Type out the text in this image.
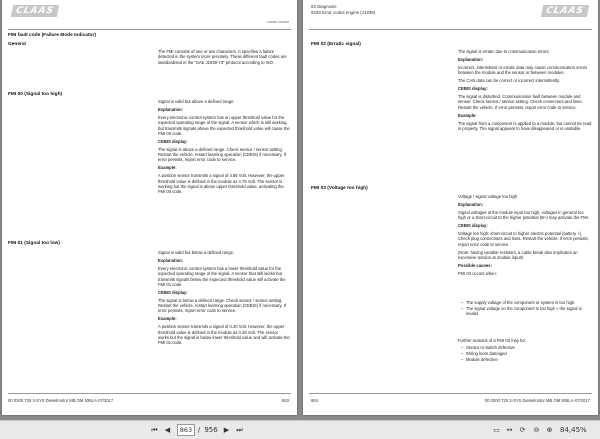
CLAAS
120049 V4/4466
FMI fault code (Failure Mode Indicator)
General

The FMI consists of one or two characters. It specifies a failure detected in the system more precisely. These different fault codes are standardised in the "SAE J1939-73" protocol according to ISO.

FMI 00 (Signal too high)

Signal is valid but above a defined range.

Explanation:

Every electronic control system has an upper threshold value for the expected operating range of the signal. A sensor which is still working, but transmits signals above the expected threshold value will cause the FMI 00 code.

CEBIS display:

The signal is above a defined range. Check sensor / sensor setting. Restart the vehicle, restart learning operation (CEBIS) if necessary. If error persists, report error code to service.

Example:

A position sensor transmits a signal of 4.85 Volt. However, the upper threshold value is defined in the module as 4.75 Volt. The sensor is working but the signal is above upper threshold value, activating the FMI 00 code.

FMI 01 (Signal too low)

Signal is valid but below a defined range.

Explanation:

Every electronic control system has a lower threshold value for the expected operating range of the signal. A sensor that still works but transmits signals below the expected threshold value will activate the FMI 01 code.

CEBIS display:

The signal is below a defined range. Check sensor / sensor setting. Restart the vehicle, restart learning operation (CEBIS) if necessary. If error persists, report error code to service.

Example:

A position sensor transmits a signal of 0.20 Volt. However, the upper threshold value is defined in the module as 0.25 Volt. The sensor works but the signal is below lower threshold value and will activate the FMI 01 code.

00 0300 725 2-SYS Dieselmotor MB OM 936LA-07/2017	863
92 Diagnosis
9228 Error codes engine (J1939)	CLAAS
FMI 02 (Erratic signal)

The signal is erratic due to communication errors.

Explanation:

Incorrect, intermittent or erratic data may cause communication errors between the module and the sensor or between modules.

The CAN data can be correct or incorrect intermittently.

CEBIS display:

The signal is disturbed. Communication fault between module and sensor. Check sensor / sensor setting. Check connectors and lines. Restart the vehicle. If error persists, report error code to service.

Example:

The signal from a component is applied to a module, but cannot be read in properly. The signal appears to have disappeared or is unstable.

FMI 03 (Voltage too high)

Voltage / signal voltage too high

Explanation:

Signal voltages at the module input too high, voltages in general too high or a short-circuit to the higher potential (B+) may activate the FMI.

CEBIS display:

Voltage too high; short-circuit to higher electric potential (battery +). Check plug connections and lines. Restart the vehicle. If error persists, report error code to service.

(Note: having variable resistors, a cable break also implicates an excessive tension at module input!)

Possible causes:

FMI 03 occurs when:

– The supply voltage of the component or system is too high.
– The signal voltage on the component is too high ≈ the signal is invalid

Further reasons of a FMI 03 may be:

– Sensor or switch defective
– Wiring loom damaged
– Module defective
864	00 0300 725 2-SYS Dieselmotor MB OM 936LA-07/2017
⏮ ◀	863 / 956 ▶ ⏭	▭ ↔ ⟳ ⊖ ⊕ 84,45%
